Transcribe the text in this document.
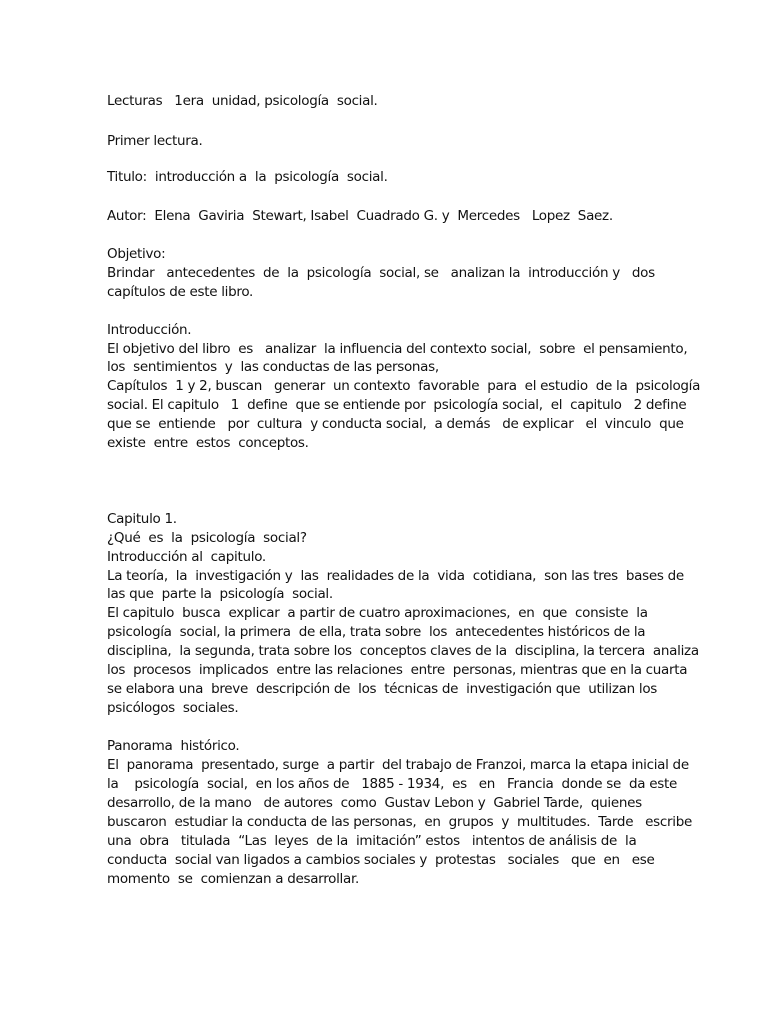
Lecturas   1era  unidad, psicología  social.

Primer lectura.

Titulo:  introducción a  la  psicología  social.

Autor:  Elena  Gaviria  Stewart, Isabel  Cuadrado G. y  Mercedes   Lopez  Saez.

Objetivo:

Brindar   antecedentes  de  la  psicología  social, se   analizan la  introducción y   dos

capítulos de este libro.

Introducción.

El objetivo del libro  es   analizar  la influencia del contexto social,  sobre  el pensamiento,

los  sentimientos  y  las conductas de las personas,

Capítulos  1 y 2, buscan   generar  un contexto  favorable  para  el estudio  de la  psicología

social. El capitulo   1  define  que se entiende por  psicología social,  el  capitulo   2 define

que se  entiende   por  cultura  y conducta social,  a demás   de explicar   el  vinculo  que

existe  entre  estos  conceptos.

Capitulo 1.

¿Qué  es  la  psicología  social?

Introducción al  capitulo.

La teoría,  la  investigación y  las  realidades de la  vida  cotidiana,  son las tres  bases de

las que  parte la  psicología  social.

El capitulo  busca  explicar  a partir de cuatro aproximaciones,  en  que  consiste  la

psicología  social, la primera  de ella, trata sobre  los  antecedentes históricos de la

disciplina,  la segunda, trata sobre los  conceptos claves de la  disciplina, la tercera  analiza

los  procesos  implicados  entre las relaciones  entre  personas, mientras que en la cuarta

se elabora una  breve  descripción de  los  técnicas de  investigación que  utilizan los

psicólogos  sociales.

Panorama  histórico.

El  panorama  presentado, surge  a partir  del trabajo de Franzoi, marca la etapa inicial de

la    psicología  social,  en los años de   1885 - 1934,  es   en   Francia  donde se  da este

desarrollo, de la mano   de autores  como  Gustav Lebon y  Gabriel Tarde,  quienes

buscaron  estudiar la conducta de las personas,  en  grupos  y  multitudes.  Tarde   escribe

una  obra   titulada  “Las  leyes  de la  imitación” estos   intentos de análisis de  la

conducta  social van ligados a cambios sociales y  protestas   sociales   que  en   ese

momento  se  comienzan a desarrollar.
